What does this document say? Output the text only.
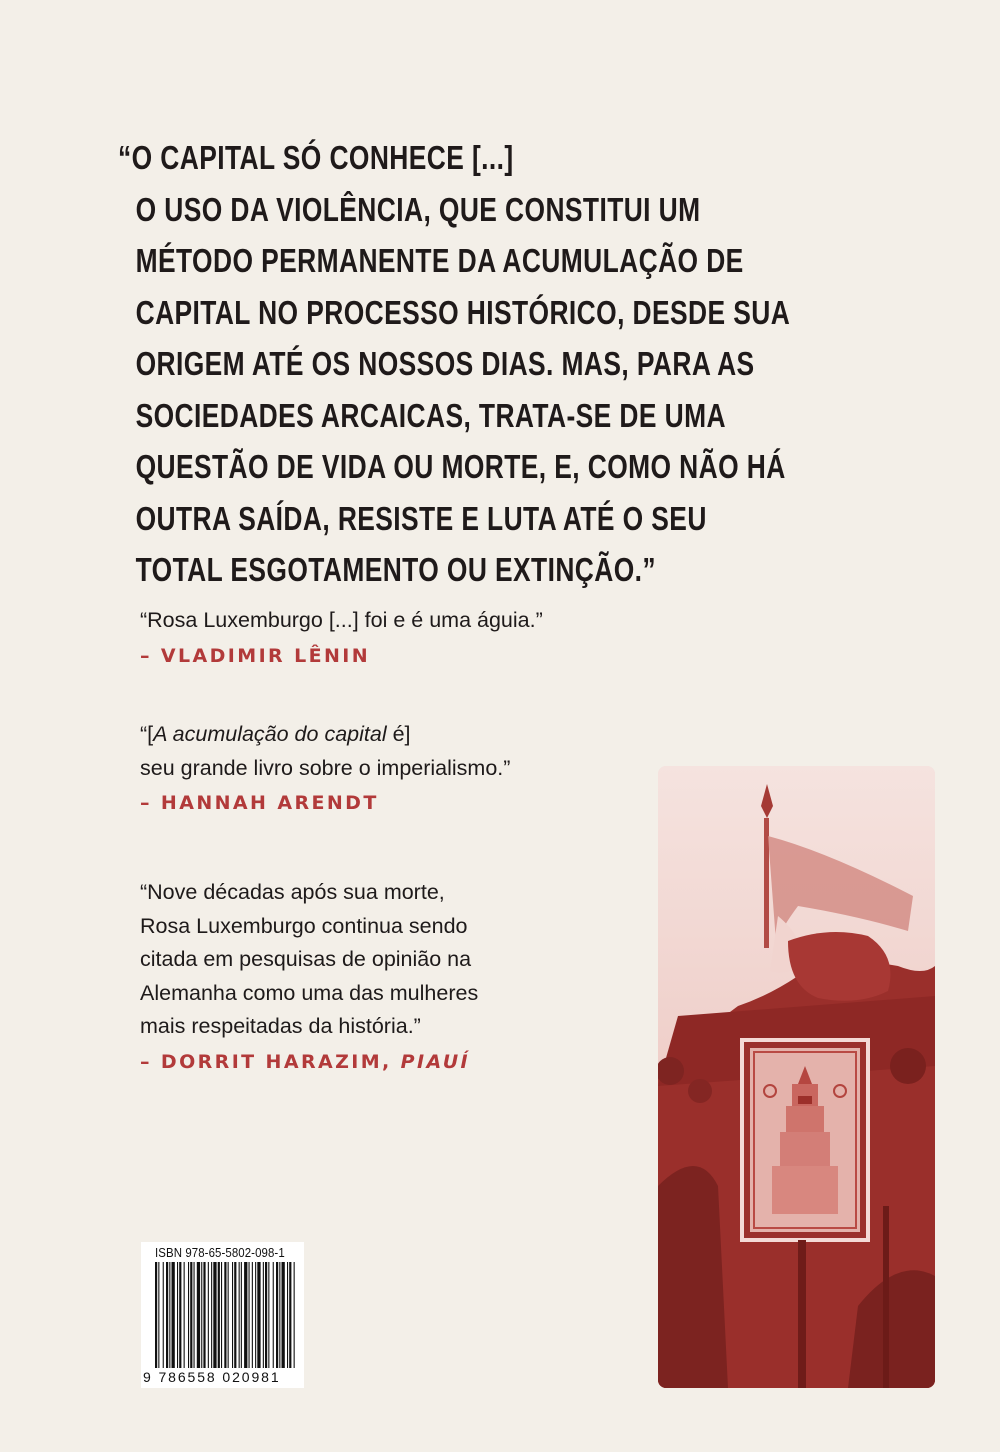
“O CAPITAL SÓ CONHECE [...]
O USO DA VIOLÊNCIA, QUE CONSTITUI UM
MÉTODO PERMANENTE DA ACUMULAÇÃO DE
CAPITAL NO PROCESSO HISTÓRICO, DESDE SUA
ORIGEM ATÉ OS NOSSOS DIAS. MAS, PARA AS
SOCIEDADES ARCAICAS, TRATA-SE DE UMA
QUESTÃO DE VIDA OU MORTE, E, COMO NÃO HÁ
OUTRA SAÍDA, RESISTE E LUTA ATÉ O SEU
TOTAL ESGOTAMENTO OU EXTINÇÃO.”
“Rosa Luxemburgo [...] foi e é uma águia.”
– VLADIMIR LÊNIN
“[A acumulação do capital é]
seu grande livro sobre o imperialismo.”
– HANNAH ARENDT
“Nove décadas após sua morte,
Rosa Luxemburgo continua sendo
citada em pesquisas de opinião na
Alemanha como uma das mulheres
mais respeitadas da história.”
– DORRIT HARAZIM, PIAUÍ
ISBN 978-65-5802-098-1
9 786558 020981
